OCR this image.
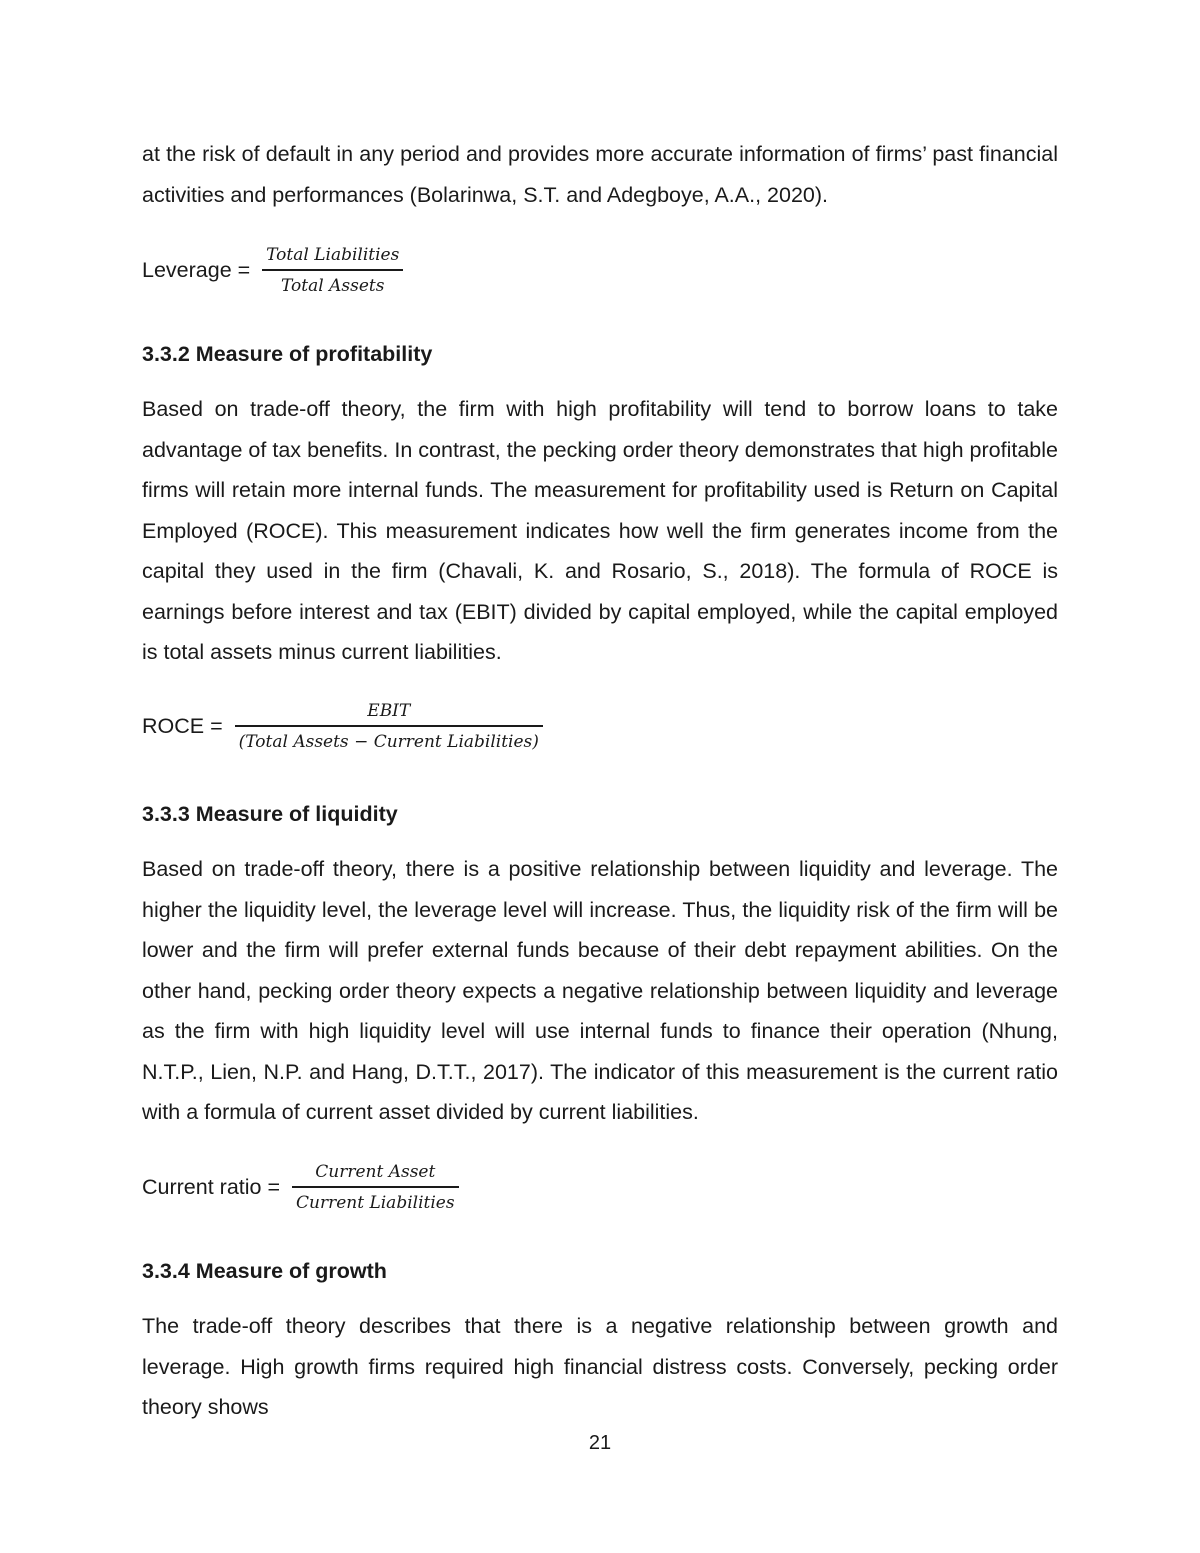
at the risk of default in any period and provides more accurate information of firms’ past financial activities and performances (Bolarinwa, S.T. and Adegboye, A.A., 2020).

Leverage = $\frac{\text{Total Liabilities}}{\text{Total Assets}}$
3.3.2 Measure of profitability

Based on trade-off theory, the firm with high profitability will tend to borrow loans to take advantage of tax benefits. In contrast, the pecking order theory demonstrates that high profitable firms will retain more internal funds. The measurement for profitability used is Return on Capital Employed (ROCE). This measurement indicates how well the firm generates income from the capital they used in the firm (Chavali, K. and Rosario, S., 2018). The formula of ROCE is earnings before interest and tax (EBIT) divided by capital employed, while the capital employed is total assets minus current liabilities.

ROCE = $\frac{\text{EBIT}}{\text{(Total Assets − Current Liabilities)}}$
3.3.3 Measure of liquidity

Based on trade-off theory, there is a positive relationship between liquidity and leverage. The higher the liquidity level, the leverage level will increase. Thus, the liquidity risk of the firm will be lower and the firm will prefer external funds because of their debt repayment abilities. On the other hand, pecking order theory expects a negative relationship between liquidity and leverage as the firm with high liquidity level will use internal funds to finance their operation (Nhung, N.T.P., Lien, N.P. and Hang, D.T.T., 2017). The indicator of this measurement is the current ratio with a formula of current asset divided by current liabilities.

Current ratio = $\frac{\text{Current Asset}}{\text{Current Liabilities}}$
3.3.4 Measure of growth

The trade-off theory describes that there is a negative relationship between growth and leverage. High growth firms required high financial distress costs. Conversely, pecking order theory shows

21
